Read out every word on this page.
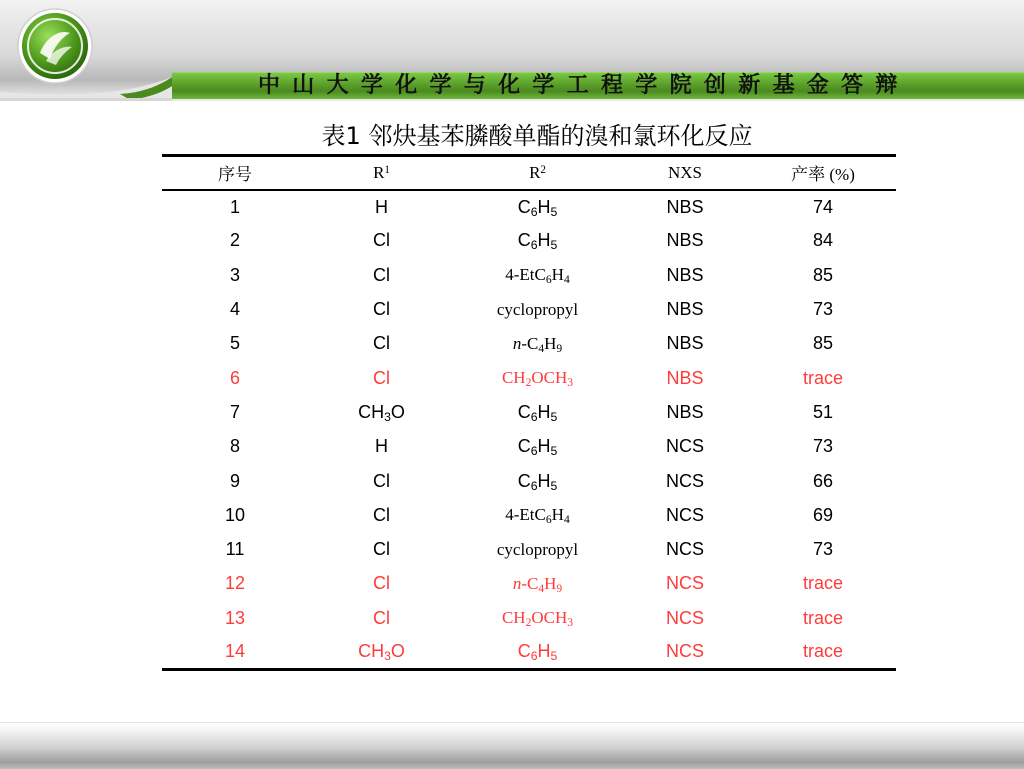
中山大学化学与化学工程学院创新基金答辩
表1 邻炔基苯膦酸单酯的溴和氯环化反应
序号	$R^1$	$R^2$	NXS	产率 (%)
1	H	$C_6H_5$	NBS	74
2	Cl	$C_6H_5$	NBS	84
3	Cl	$4-EtC_6H_4$	NBS	85
4	Cl	cyclopropyl	NBS	73
5	Cl	$n-C_4H_9$	NBS	85
6	Cl	$CH_2OCH_3$	NBS	trace
7	$CH_3O$	$C_6H_5$	NBS	51
8	H	$C_6H_5$	NCS	73
9	Cl	$C_6H_5$	NCS	66
10	Cl	$4-EtC_6H_4$	NCS	69
11	Cl	cyclopropyl	NCS	73
12	Cl	$n-C_4H_9$	NCS	trace
13	Cl	$CH_2OCH_3$	NCS	trace
14	$CH_3O$	$C_6H_5$	NCS	trace
